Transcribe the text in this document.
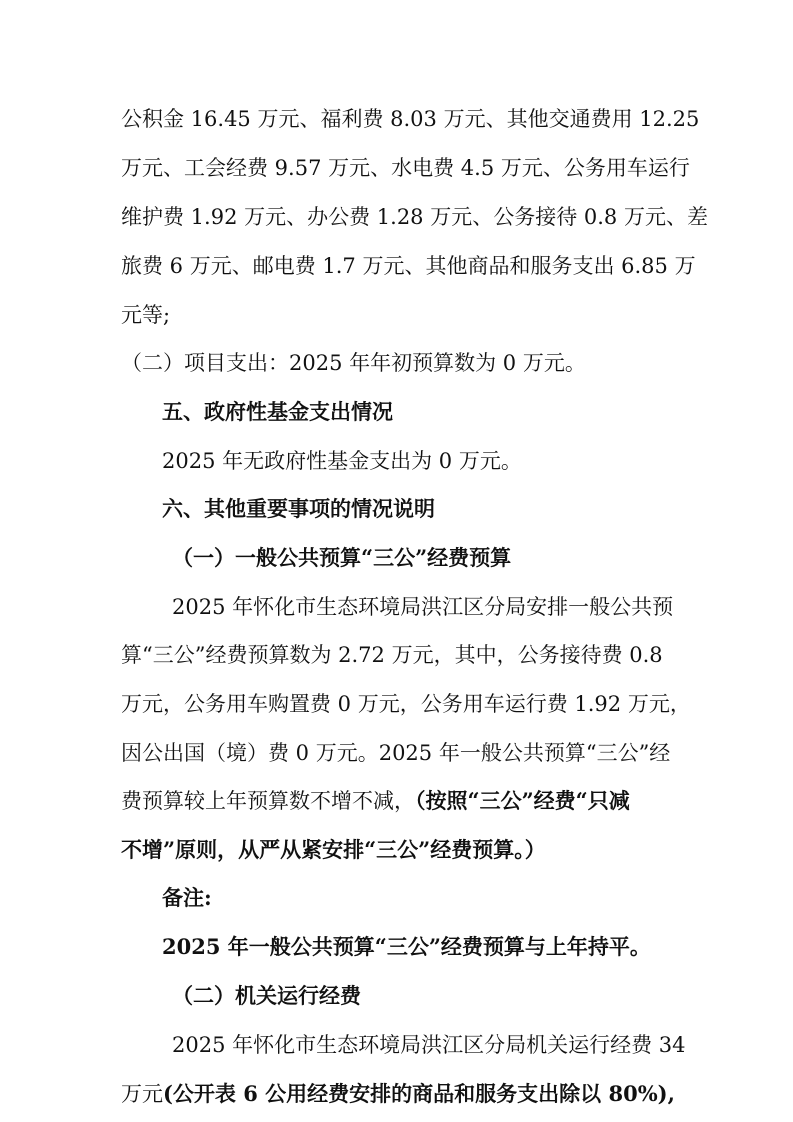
公积金 16.45 万元、福利费 8.03 万元、其他交通费用 12.25
万元、工会经费 9.57 万元、水电费 4.5 万元、公务用车运行
维护费 1.92 万元、办公费 1.28 万元、公务接待 0.8 万元、差
旅费 6 万元、邮电费 1.7 万元、其他商品和服务支出 6.85 万
元等;
（二）项目支出：2025 年年初预算数为 0 万元。
五、政府性基金支出情况
2025 年无政府性基金支出为 0 万元。
六、其他重要事项的情况说明
（一）一般公共预算“三公”经费预算
2025 年怀化市生态环境局洪江区分局安排一般公共预
算“三公”经费预算数为 2.72 万元，其中，公务接待费 0.8
万元，公务用车购置费 0 万元，公务用车运行费 1.92 万元，
因公出国（境）费 0 万元。2025 年一般公共预算“三公”经
费预算较上年预算数不增不减，（按照“三公”经费“只减
不增”原则，从严从紧安排“三公”经费预算。）
备注:
2025 年一般公共预算“三公”经费预算与上年持平。
（二）机关运行经费
2025 年怀化市生态环境局洪江区分局机关运行经费 34
万元(公开表 6 公用经费安排的商品和服务支出除以 80%),
